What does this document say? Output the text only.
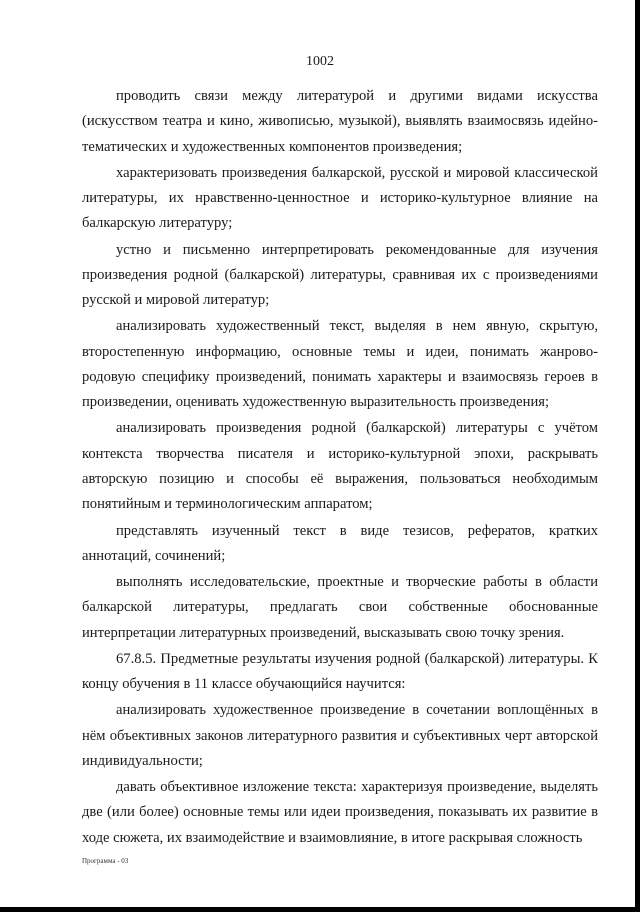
1002

проводить связи между литературой и другими видами искусства (искусством театра и кино, живописью, музыкой), выявлять взаимосвязь идейно-тематических и художественных компонентов произведения;

характеризовать произведения балкарской, русской и мировой классической литературы, их нравственно-ценностное и историко-культурное влияние на балкарскую литературу;

устно и письменно интерпретировать рекомендованные для изучения произведения родной (балкарской) литературы, сравнивая их с произведениями русской и мировой литератур;

анализировать художественный текст, выделяя в нем явную, скрытую, второстепенную информацию, основные темы и идеи, понимать жанрово-родовую специфику произведений, понимать характеры и взаимосвязь героев в произведении, оценивать художественную выразительность произведения;

анализировать произведения родной (балкарской) литературы с учётом контекста творчества писателя и историко-культурной эпохи, раскрывать авторскую позицию и способы её выражения, пользоваться необходимым понятийным и терминологическим аппаратом;

представлять изученный текст в виде тезисов, рефератов, кратких аннотаций, сочинений;

выполнять исследовательские, проектные и творческие работы в области балкарской литературы, предлагать свои собственные обоснованные интерпретации литературных произведений, высказывать свою точку зрения.

67.8.5. Предметные результаты изучения родной (балкарской) литературы. К концу обучения в 11 классе обучающийся научится:

анализировать художественное произведение в сочетании воплощённых в нём объективных законов литературного развития и субъективных черт авторской индивидуальности;

давать объективное изложение текста: характеризуя произведение, выделять две (или более) основные темы или идеи произведения, показывать их развитие в ходе сюжета, их взаимодействие и взаимовлияние, в итоге раскрывая сложность

Программа - 03
